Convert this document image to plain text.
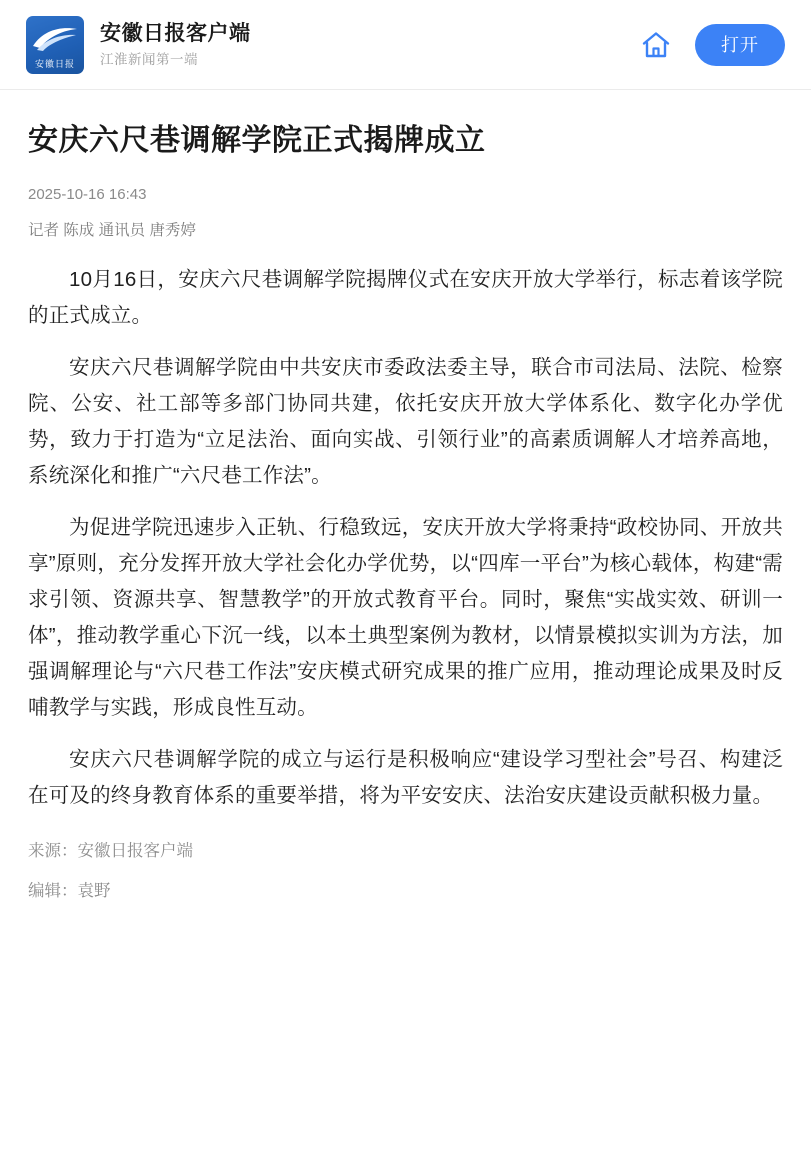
安徽日报
安徽日报客户端
江淮新闻第一端
打开
安庆六尺巷调解学院正式揭牌成立
2025-10-16 16:43
记者 陈成 通讯员 唐秀婷

10月16日，安庆六尺巷调解学院揭牌仪式在安庆开放大学举行，标志着该学院的正式成立。

安庆六尺巷调解学院由中共安庆市委政法委主导，联合市司法局、法院、检察院、公安、社工部等多部门协同共建，依托安庆开放大学体系化、数字化办学优势，致力于打造为“立足法治、面向实战、引领行业”的高素质调解人才培养高地，系统深化和推广“六尺巷工作法”。

为促进学院迅速步入正轨、行稳致远，安庆开放大学将秉持“政校协同、开放共享”原则，充分发挥开放大学社会化办学优势，以“四库一平台”为核心载体，构建“需求引领、资源共享、智慧教学”的开放式教育平台。同时，聚焦“实战实效、研训一体”，推动教学重心下沉一线，以本土典型案例为教材，以情景模拟实训为方法，加强调解理论与“六尺巷工作法”安庆模式研究成果的推广应用，推动理论成果及时反哺教学与实践，形成良性互动。

安庆六尺巷调解学院的成立与运行是积极响应“建设学习型社会”号召、构建泛在可及的终身教育体系的重要举措，将为平安安庆、法治安庆建设贡献积极力量。

来源：安徽日报客户端
编辑：袁野
